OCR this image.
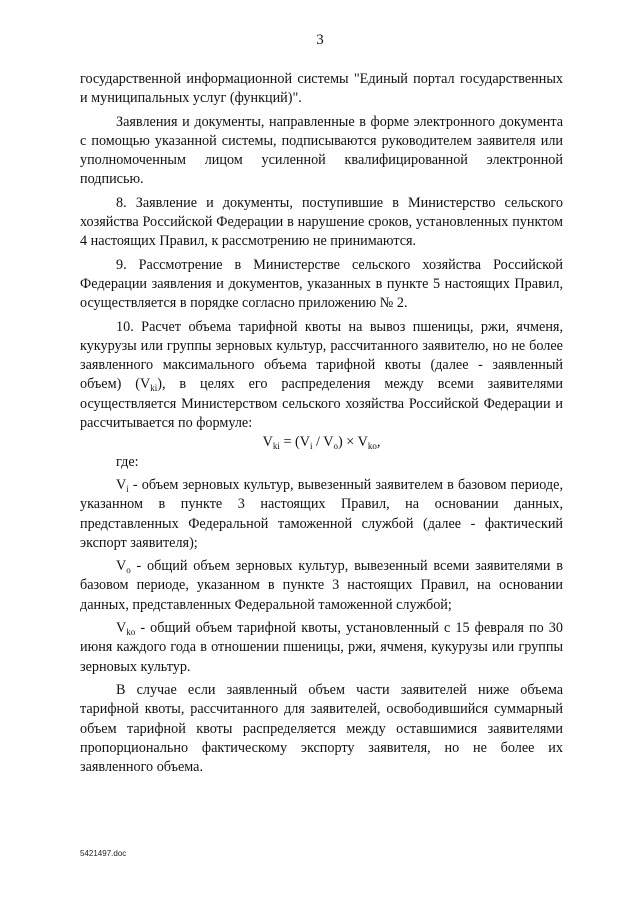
3

государственной информационной системы "Единый портал государственных и муниципальных услуг (функций)".

Заявления и документы, направленные в форме электронного документа с помощью указанной системы, подписываются руководителем заявителя или уполномоченным лицом усиленной квалифицированной электронной подписью.

8. Заявление и документы, поступившие в Министерство сельского хозяйства Российской Федерации в нарушение сроков, установленных пунктом 4 настоящих Правил, к рассмотрению не принимаются.

9. Рассмотрение в Министерстве сельского хозяйства Российской Федерации заявления и документов, указанных в пункте 5 настоящих Правил, осуществляется в порядке согласно приложению № 2.

10. Расчет объема тарифной квоты на вывоз пшеницы, ржи, ячменя, кукурузы или группы зерновых культур, рассчитанного заявителю, но не более заявленного максимального объема тарифной квоты (далее - заявленный объем) $(V_{ki})$, в целях его распределения между всеми заявителями осуществляется Министерством сельского хозяйства Российской Федерации и рассчитывается по формуле:

$V_{ki} = (V_i / V_o) \times V_{ko}$,

где:

$V_i$ - объем зерновых культур, вывезенный заявителем в базовом периоде, указанном в пункте 3 настоящих Правил, на основании данных, представленных Федеральной таможенной службой (далее - фактический экспорт заявителя);

$V_o$ - общий объем зерновых культур, вывезенный всеми заявителями в базовом периоде, указанном в пункте 3 настоящих Правил, на основании данных, представленных Федеральной таможенной службой;

$V_{ko}$ - общий объем тарифной квоты, установленный с 15 февраля по 30 июня каждого года в отношении пшеницы, ржи, ячменя, кукурузы или группы зерновых культур.

В случае если заявленный объем части заявителей ниже объема тарифной квоты, рассчитанного для заявителей, освободившийся суммарный объем тарифной квоты распределяется между оставшимися заявителями пропорционально фактическому экспорту заявителя, но не более их заявленного объема.

5421497.doc
